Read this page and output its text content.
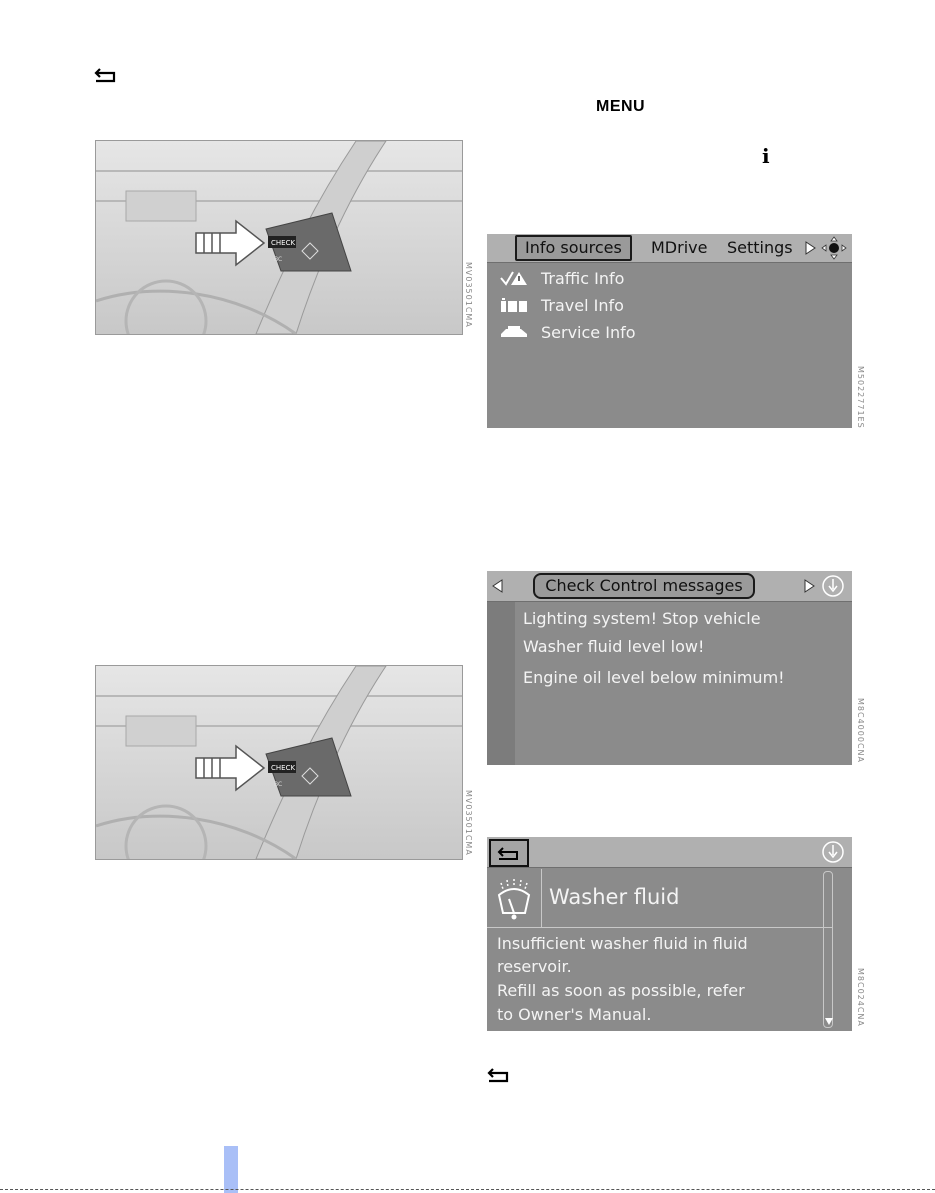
MENU
i
CHECK
BC
MV03501CMA
CHECK
BC
MV03501CMA
Info sources	MDrive Settings
Traffic Info
Travel Info
Service Info
M5022771ES
Check Control messages
Lighting system! Stop vehicle
Washer fluid level low!
Engine oil level below minimum!
M8C4000CNA
Washer fluid
Insufficient washer fluid in fluid
reservoir.
Refill as soon as possible, refer
to Owner's Manual.	M8C024CNA
